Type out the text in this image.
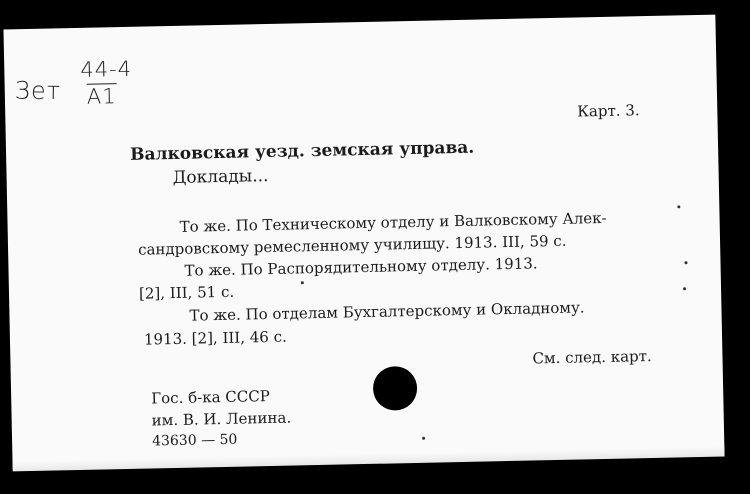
Зет
44-4
А1
Карт. 3.
Валковская уезд. земская управа.
Доклады...
То же. По Техническому отделу и Валковскому Алек-
сандровскому ремесленному училищу. 1913. III, 59 с.
То же. По Распорядительному отделу. 1913.
[2], III, 51 с.
То же. По отделам Бухгалтерскому и Окладному.
1913. [2], III, 46 с.
См. след. карт.
Гос. б-ка СССР
им. В. И. Ленина.
43630 — 50
